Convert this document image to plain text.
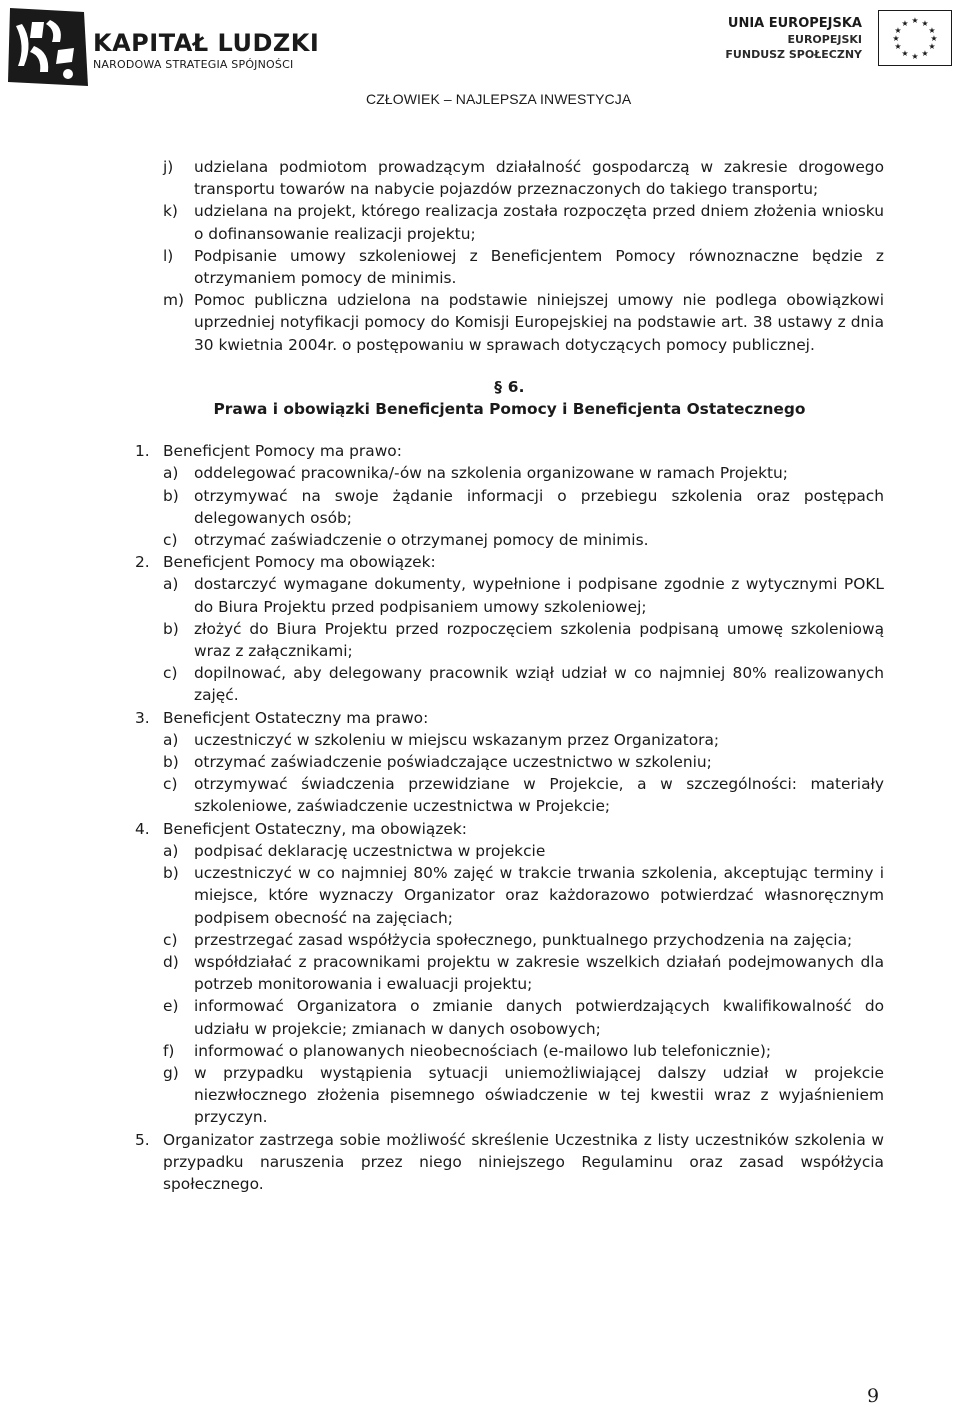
KAPITAŁ LUDZKI
NARODOWA STRATEGIA SPÓJNOŚCI
UNIA EUROPEJSKA
EUROPEJSKI
FUNDUSZ SPOŁECZNY
★ ★
★
★
★
★
★
★
★
★
★
★
CZŁOWIEK – NAJLEPSZA INWESTYCJA
j)	udzielana podmiotom prowadzącym działalność gospodarczą w zakresie drogowego transportu towarów na nabycie pojazdów przeznaczonych do takiego transportu;
k)	udzielana na projekt, którego realizacja została rozpoczęta przed dniem złożenia wniosku o dofinansowanie realizacji projektu;
l)	Podpisanie umowy szkoleniowej z Beneficjentem Pomocy równoznaczne będzie z otrzymaniem pomocy de minimis.
m) Pomoc publiczna udzielona na podstawie niniejszej umowy nie podlega obowiązkowi uprzedniej notyfikacji pomocy do Komisji Europejskiej na podstawie art. 38 ustawy z dnia 30 kwietnia 2004r. o postępowaniu w sprawach dotyczących pomocy publicznej.
§ 6.
Prawa i obowiązki Beneficjenta Pomocy i Beneficjenta Ostatecznego
1. Beneficjent Pomocy ma prawo:
a)	oddelegować pracownika/-ów na szkolenia organizowane w ramach Projektu;
b) otrzymywać na swoje żądanie informacji o przebiegu szkolenia oraz postępach delegowanych osób;
c)	otrzymać zaświadczenie o otrzymanej pomocy de minimis.
2. Beneficjent Pomocy ma obowiązek:
a)	dostarczyć wymagane dokumenty, wypełnione i podpisane zgodnie z wytycznymi POKL do Biura Projektu przed podpisaniem umowy szkoleniowej;
b) złożyć do Biura Projektu przed rozpoczęciem szkolenia podpisaną umowę szkoleniową wraz z załącznikami;
c)	dopilnować, aby delegowany pracownik wziął udział w co najmniej 80% realizowanych zajęć.
3. Beneficjent Ostateczny ma prawo:
a)	uczestniczyć w szkoleniu w miejscu wskazanym przez Organizatora;
b) otrzymać zaświadczenie poświadczające uczestnictwo w szkoleniu;
c)	otrzymywać świadczenia przewidziane w Projekcie, a w szczególności: materiały szkoleniowe, zaświadczenie uczestnictwa w Projekcie;
4. Beneficjent Ostateczny, ma obowiązek:
a)	podpisać deklarację uczestnictwa w projekcie
b) uczestniczyć w co najmniej 80% zajęć w trakcie trwania szkolenia, akceptując terminy i miejsce, które wyznaczy Organizator oraz każdorazowo potwierdzać własnoręcznym podpisem obecność na zajęciach;
c)	przestrzegać zasad współżycia społecznego, punktualnego przychodzenia na zajęcia;
d) współdziałać z pracownikami projektu w zakresie wszelkich działań podejmowanych dla potrzeb monitorowania i ewaluacji projektu;
e)	informować Organizatora o zmianie danych potwierdzających kwalifikowalność do udziału w projekcie; zmianach w danych osobowych;
f)	informować o planowanych nieobecnościach (e-mailowo lub telefonicznie);
g) w przypadku wystąpienia sytuacji uniemożliwiającej dalszy udział w projekcie niezwłocznego złożenia pisemnego oświadczenie w tej kwestii wraz z wyjaśnieniem przyczyn.
5. Organizator zastrzega sobie możliwość skreślenie Uczestnika z listy uczestników szkolenia w przypadku naruszenia przez niego niniejszego Regulaminu oraz zasad współżycia społecznego.
9
